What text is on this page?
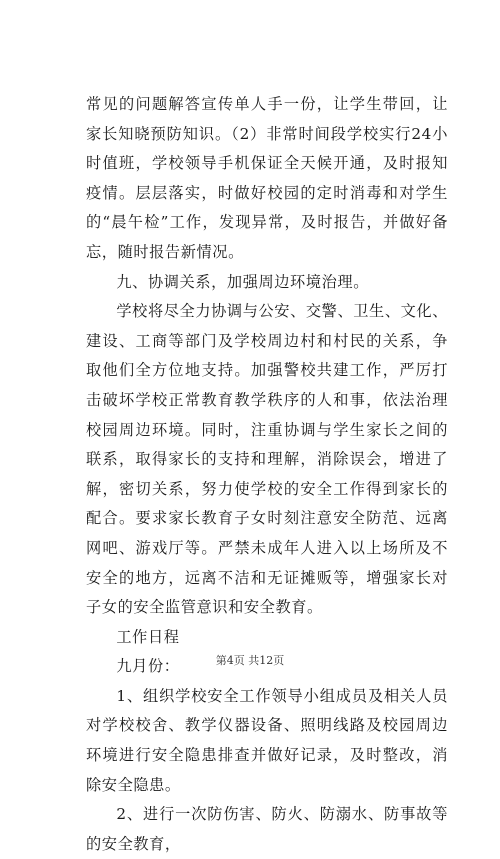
常见的问题解答宣传单人手一份，让学生带回，让家长知晓预防知识。（2）非常时间段学校实行24小时值班，学校领导手机保证全天候开通，及时报知疫情。层层落实，时做好校园的定时消毒和对学生的“晨午检”工作，发现异常，及时报告，并做好备忘，随时报告新情况。

九、协调关系，加强周边环境治理。

学校将尽全力协调与公安、交警、卫生、文化、建设、工商等部门及学校周边村和村民的关系，争取他们全方位地支持。加强警校共建工作，严厉打击破坏学校正常教育教学秩序的人和事，依法治理校园周边环境。同时，注重协调与学生家长之间的联系，取得家长的支持和理解，消除误会，增进了解，密切关系，努力使学校的安全工作得到家长的配合。要求家长教育子女时刻注意安全防范、远离网吧、游戏厅等。严禁未成年人进入以上场所及不安全的地方，远离不洁和无证摊贩等，增强家长对子女的安全监管意识和安全教育。

工作日程

九月份：

1、组织学校安全工作领导小组成员及相关人员对学校校舍、教学仪器设备、照明线路及校园周边环境进行安全隐患排查并做好记录，及时整改，消除安全隐患。

2、进行一次防伤害、防火、防溺水、防事故等的安全教育，

第4页 共12页
